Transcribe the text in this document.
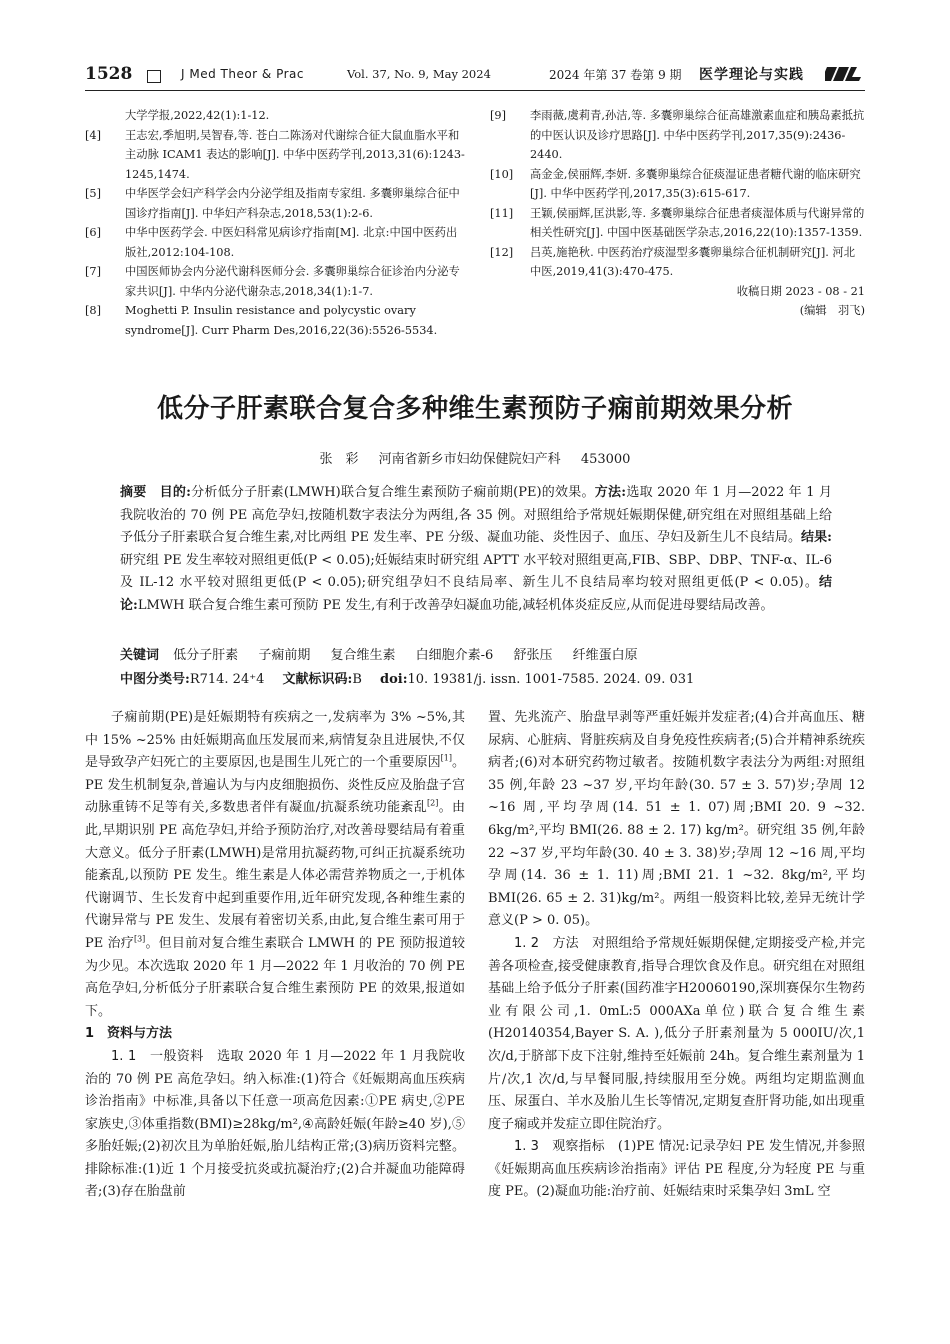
1528	J Med Theor & Prac	Vol. 37, No. 9, May 2024	2024 年第 37 卷第 9 期 医学理论与实践
大学学报,2022,42(1):1-12.
[4] 王志宏,季旭明,吴智春,等. 苍白二陈汤对代谢综合征大鼠血脂水平和主动脉 ICAM1 表达的影响[J]. 中华中医药学刊,2013,31(6):1243-1245,1474.
[5] 中华医学会妇产科学会内分泌学组及指南专家组. 多囊卵巢综合征中国诊疗指南[J]. 中华妇产科杂志,2018,53(1):2-6.
[6] 中华中医药学会. 中医妇科常见病诊疗指南[M]. 北京:中国中医药出版社,2012:104-108.
[7] 中国医师协会内分泌代谢科医师分会. 多囊卵巢综合征诊治内分泌专家共识[J]. 中华内分泌代谢杂志,2018,34(1):1-7.
[8] Moghetti P. Insulin resistance and polycystic ovary syndrome[J]. Curr Pharm Des,2016,22(36):5526-5534.
[9] 李雨薇,虞莉青,孙洁,等. 多囊卵巢综合征高雄激素血症和胰岛素抵抗的中医认识及诊疗思路[J]. 中华中医药学刊,2017,35(9):2436-2440.
[10] 高金金,侯丽辉,李妍. 多囊卵巢综合征痰湿证患者糖代谢的临床研究[J]. 中华中医药学刊,2017,35(3):615-617.
[11] 王颖,侯丽辉,匡洪影,等. 多囊卵巢综合征患者痰湿体质与代谢异常的相关性研究[J]. 中国中医基础医学杂志,2016,22(10):1357-1359.
[12] 吕英,施艳秋. 中医药治疗痰湿型多囊卵巢综合征机制研究[J]. 河北中医,2019,41(3):470-475.
收稿日期 2023 - 08 - 21
(编辑　羽飞)
低分子肝素联合复合多种维生素预防子痫前期效果分析
张　彩 河南省新乡市妇幼保健院妇产科 453000
摘要 目的:分析低分子肝素(LMWH)联合复合维生素预防子痫前期(PE)的效果。方法:选取 2020 年 1 月—2022 年 1 月我院收治的 70 例 PE 高危孕妇,按随机数字表法分为两组,各 35 例。对照组给予常规妊娠期保健,研究组在对照组基础上给予低分子肝素联合复合维生素,对比两组 PE 发生率、PE 分级、凝血功能、炎性因子、血压、孕妇及新生儿不良结局。结果:研究组 PE 发生率较对照组更低(P < 0.05);妊娠结束时研究组 APTT 水平较对照组更高,FIB、SBP、DBP、TNF-α、IL-6 及 IL-12 水平较对照组更低(P < 0.05);研究组孕妇不良结局率、新生儿不良结局率均较对照组更低(P < 0.05)。结论:LMWH 联合复合维生素可预防 PE 发生,有利于改善孕妇凝血功能,减轻机体炎症反应,从而促进母婴结局改善。
关键词 低分子肝素 子痫前期 复合维生素 白细胞介素-6 舒张压 纤维蛋白原
中图分类号:R714. 24⁺4 文献标识码:B doi:10. 19381/j. issn. 1001-7585. 2024. 09. 031

子痫前期(PE)是妊娠期特有疾病之一,发病率为 3% ~5%,其中 15% ~25% 由妊娠期高血压发展而来,病情复杂且进展快,不仅是导致孕产妇死亡的主要原因,也是围生儿死亡的一个重要原因[1]。PE 发生机制复杂,普遍认为与内皮细胞损伤、炎性反应及胎盘子宫动脉重铸不足等有关,多数患者伴有凝血/抗凝系统功能紊乱[2]。由此,早期识别 PE 高危孕妇,并给予预防治疗,对改善母婴结局有着重大意义。低分子肝素(LMWH)是常用抗凝药物,可纠正抗凝系统功能紊乱,以预防 PE 发生。维生素是人体必需营养物质之一,于机体代谢调节、生长发育中起到重要作用,近年研究发现,各种维生素的代谢异常与 PE 发生、发展有着密切关系,由此,复合维生素可用于 PE 治疗[3]。但目前对复合维生素联合 LMWH 的 PE 预防报道较为少见。本次选取 2020 年 1 月—2022 年 1 月收治的 70 例 PE 高危孕妇,分析低分子肝素联合复合维生素预防 PE 的效果,报道如下。

1　资料与方法

1. 1　一般资料　 选取 2020 年 1 月—2022 年 1 月我院收治的 70 例 PE 高危孕妇。纳入标准:(1)符合《妊娠期高血压疾病诊治指南》中标准,具备以下任意一项高危因素:①PE 病史,②PE 家族史,③体重指数(BMI)≥28kg/m²,④高龄妊娠(年龄≥40 岁),⑤多胎妊娠;(2)初次且为单胎妊娠,胎儿结构正常;(3)病历资料完整。排除标准:(1)近 1 个月接受抗炎或抗凝治疗;(2)合并凝血功能障碍者;(3)存在胎盘前

置、先兆流产、胎盘早剥等严重妊娠并发症者;(4)合并高血压、糖尿病、心脏病、肾脏疾病及自身免疫性疾病者;(5)合并精神系统疾病者;(6)对本研究药物过敏者。按随机数字表法分为两组:对照组 35 例,年龄 23 ~37 岁,平均年龄(30. 57 ± 3. 57)岁;孕周 12 ~16 周,平均孕周(14. 51 ± 1. 07)周;BMI 20. 9 ~32. 6kg/m²,平均 BMI(26. 88 ± 2. 17) kg/m²。研究组 35 例,年龄 22 ~37 岁,平均年龄(30. 40 ± 3. 38)岁;孕周 12 ~16 周,平均孕周(14. 36 ± 1. 11)周;BMI 21. 1 ~32. 8kg/m²,平均 BMI(26. 65 ± 2. 31)kg/m²。两组一般资料比较,差异无统计学意义(P > 0. 05)。

1. 2　方法　 对照组给予常规妊娠期保健,定期接受产检,并完善各项检查,接受健康教育,指导合理饮食及作息。研究组在对照组基础上给予低分子肝素(国药准字H20060190,深圳赛保尔生物药业有限公司,1. 0mL:5 000AXa单位)联合复合维生素(H20140354,Bayer S. A. ),低分子肝素剂量为 5 000IU/次,1 次/d,于脐部下皮下注射,维持至妊娠前 24h。复合维生素剂量为 1 片/次,1 次/d,与早餐同服,持续服用至分娩。两组均定期监测血压、尿蛋白、羊水及胎儿生长等情况,定期复查肝肾功能,如出现重度子痫或并发症立即住院治疗。

1. 3　观察指标　 (1)PE 情况:记录孕妇 PE 发生情况,并参照《妊娠期高血压疾病诊治指南》评估 PE 程度,分为轻度 PE 与重度 PE。(2)凝血功能:治疗前、妊娠结束时采集孕妇 3mL 空
